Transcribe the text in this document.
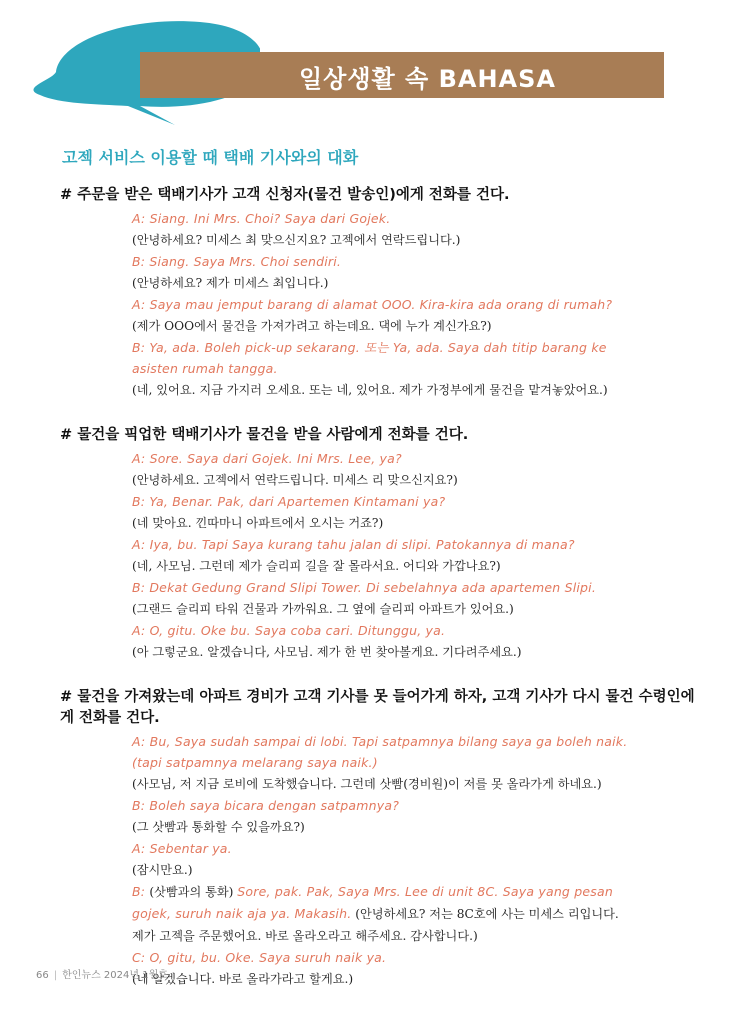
일상생활 속 BAHASA
고젝 서비스 이용할 때 택배 기사와의 대화
# 주문을 받은 택배기사가 고객 신청자(물건 발송인)에게 전화를 건다.
A: Siang. Ini Mrs. Choi? Saya dari Gojek.
(안녕하세요? 미세스 최 맞으신지요? 고젝에서 연락드립니다.)
B: Siang. Saya Mrs. Choi sendiri.
(안녕하세요? 제가 미세스 최입니다.)
A: Saya mau jemput barang di alamat OOO. Kira-kira ada orang di rumah?
(제가 OOO에서 물건을 가져가려고 하는데요. 댁에 누가 계신가요?)
B: Ya, ada. Boleh pick-up sekarang. 또는 Ya, ada. Saya dah titip barang ke
asisten rumah tangga.
(네, 있어요. 지금 가지러 오세요. 또는 네, 있어요. 제가 가정부에게 물건을 맡겨놓았어요.)
# 물건을 픽업한 택배기사가 물건을 받을 사람에게 전화를 건다.
A: Sore. Saya dari Gojek. Ini Mrs. Lee, ya?
(안녕하세요. 고젝에서 연락드립니다. 미세스 리 맞으신지요?)
B: Ya, Benar. Pak, dari Apartemen Kintamani ya?
(네 맞아요. 낀따마니 아파트에서 오시는 거죠?)
A: Iya, bu. Tapi Saya kurang tahu jalan di slipi. Patokannya di mana?
(네, 사모님. 그런데 제가 슬리피 길을 잘 몰라서요. 어디와 가깝나요?)
B: Dekat Gedung Grand Slipi Tower. Di sebelahnya ada apartemen Slipi.
(그랜드 슬리피 타워 건물과 가까워요. 그 옆에 슬리피 아파트가 있어요.)
A: O, gitu. Oke bu. Saya coba cari. Ditunggu, ya.
(아 그렇군요. 알겠습니다, 사모님. 제가 한 번 찾아볼게요. 기다려주세요.)
# 물건을 가져왔는데 아파트 경비가 고객 기사를 못 들어가게 하자, 고객 기사가 다시 물건 수령인에게 전화를 건다.
A: Bu, Saya sudah sampai di lobi. Tapi satpamnya bilang saya ga boleh naik.
(tapi satpamnya melarang saya naik.)
(사모님, 저 지금 로비에 도착했습니다. 그런데 삿빰(경비원)이 저를 못 올라가게 하네요.)
B: Boleh saya bicara dengan satpamnya?
(그 삿빰과 통화할 수 있을까요?)
A: Sebentar ya.
(잠시만요.)
B: (삿빰과의 통화) Sore, pak. Pak, Saya Mrs. Lee di unit 8C. Saya yang pesan
gojek, suruh naik aja ya. Makasih. (안녕하세요? 저는 8C호에 사는 미세스 리입니다.
제가 고젝을 주문했어요. 바로 올라오라고 해주세요. 감사합니다.)
C: O, gitu, bu. Oke. Saya suruh naik ya.
(네 알겠습니다. 바로 올라가라고 할게요.)
66 | 한인뉴스 2024년 1월호
